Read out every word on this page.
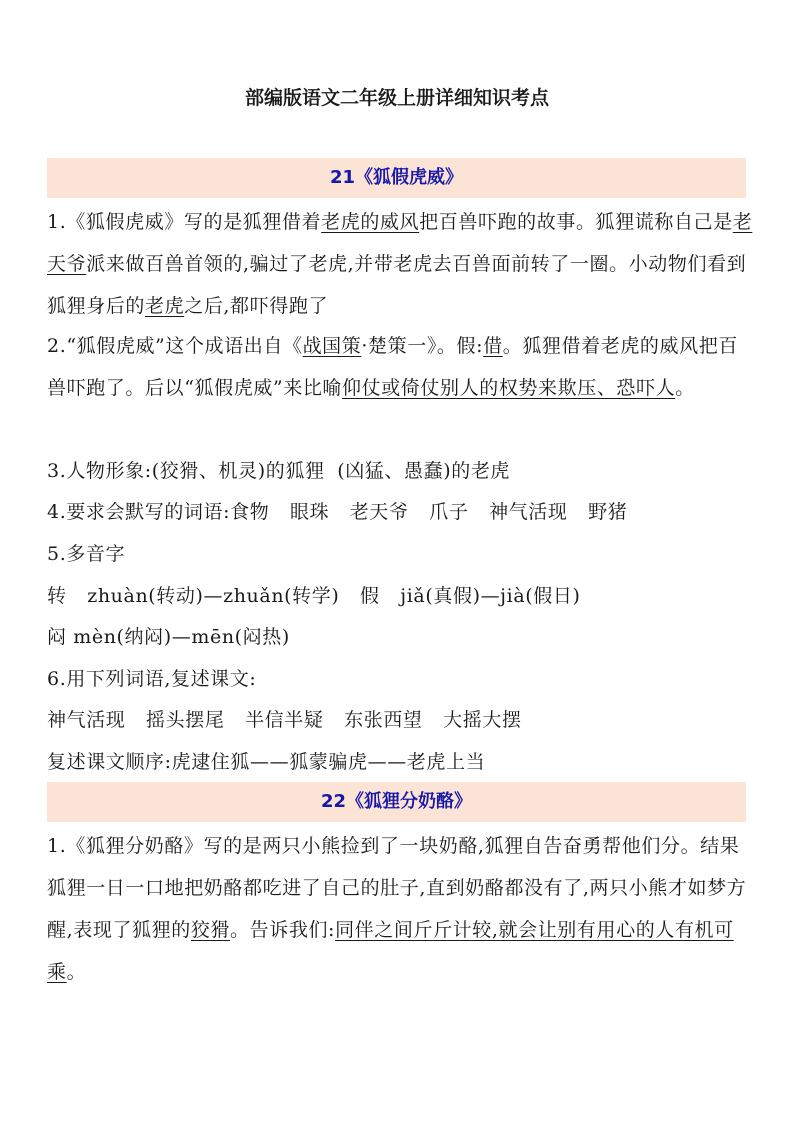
部编版语文二年级上册详细知识考点
21《狐假虎威》
1.《狐假虎威》写的是狐狸借着老虎的威风把百兽吓跑的故事。狐狸谎称自己是老天爷派来做百兽首领的,骗过了老虎,并带老虎去百兽面前转了一圈。小动物们看到狐狸身后的老虎之后,都吓得跑了
2.“狐假虎威”这个成语出自《战国策·楚策一》。假:借。狐狸借着老虎的威风把百兽吓跑了。后以“狐假虎威”来比喻仰仗或倚仗别人的权势来欺压、恐吓人。
3.人物形象:(狡猾、机灵)的狐狸 (凶猛、愚蠢)的老虎
4.要求会默写的词语:食物 眼珠 老天爷 爪子 神气活现 野猪
5.多音字
转 zhuàn(转动)—zhuǎn(转学) 假 jiǎ(真假)—jià(假日)
闷 mèn(纳闷)—mēn(闷热)
6.用下列词语,复述课文:
神气活现 摇头摆尾 半信半疑 东张西望 大摇大摆
复述课文顺序:虎逮住狐——狐蒙骗虎——老虎上当
22《狐狸分奶酪》
1.《狐狸分奶酪》写的是两只小熊捡到了一块奶酪,狐狸自告奋勇帮他们分。结果狐狸一日一口地把奶酪都吃进了自己的肚子,直到奶酪都没有了,两只小熊才如梦方醒,表现了狐狸的狡猾。告诉我们:同伴之间斤斤计较,就会让别有用心的人有机可乘。
